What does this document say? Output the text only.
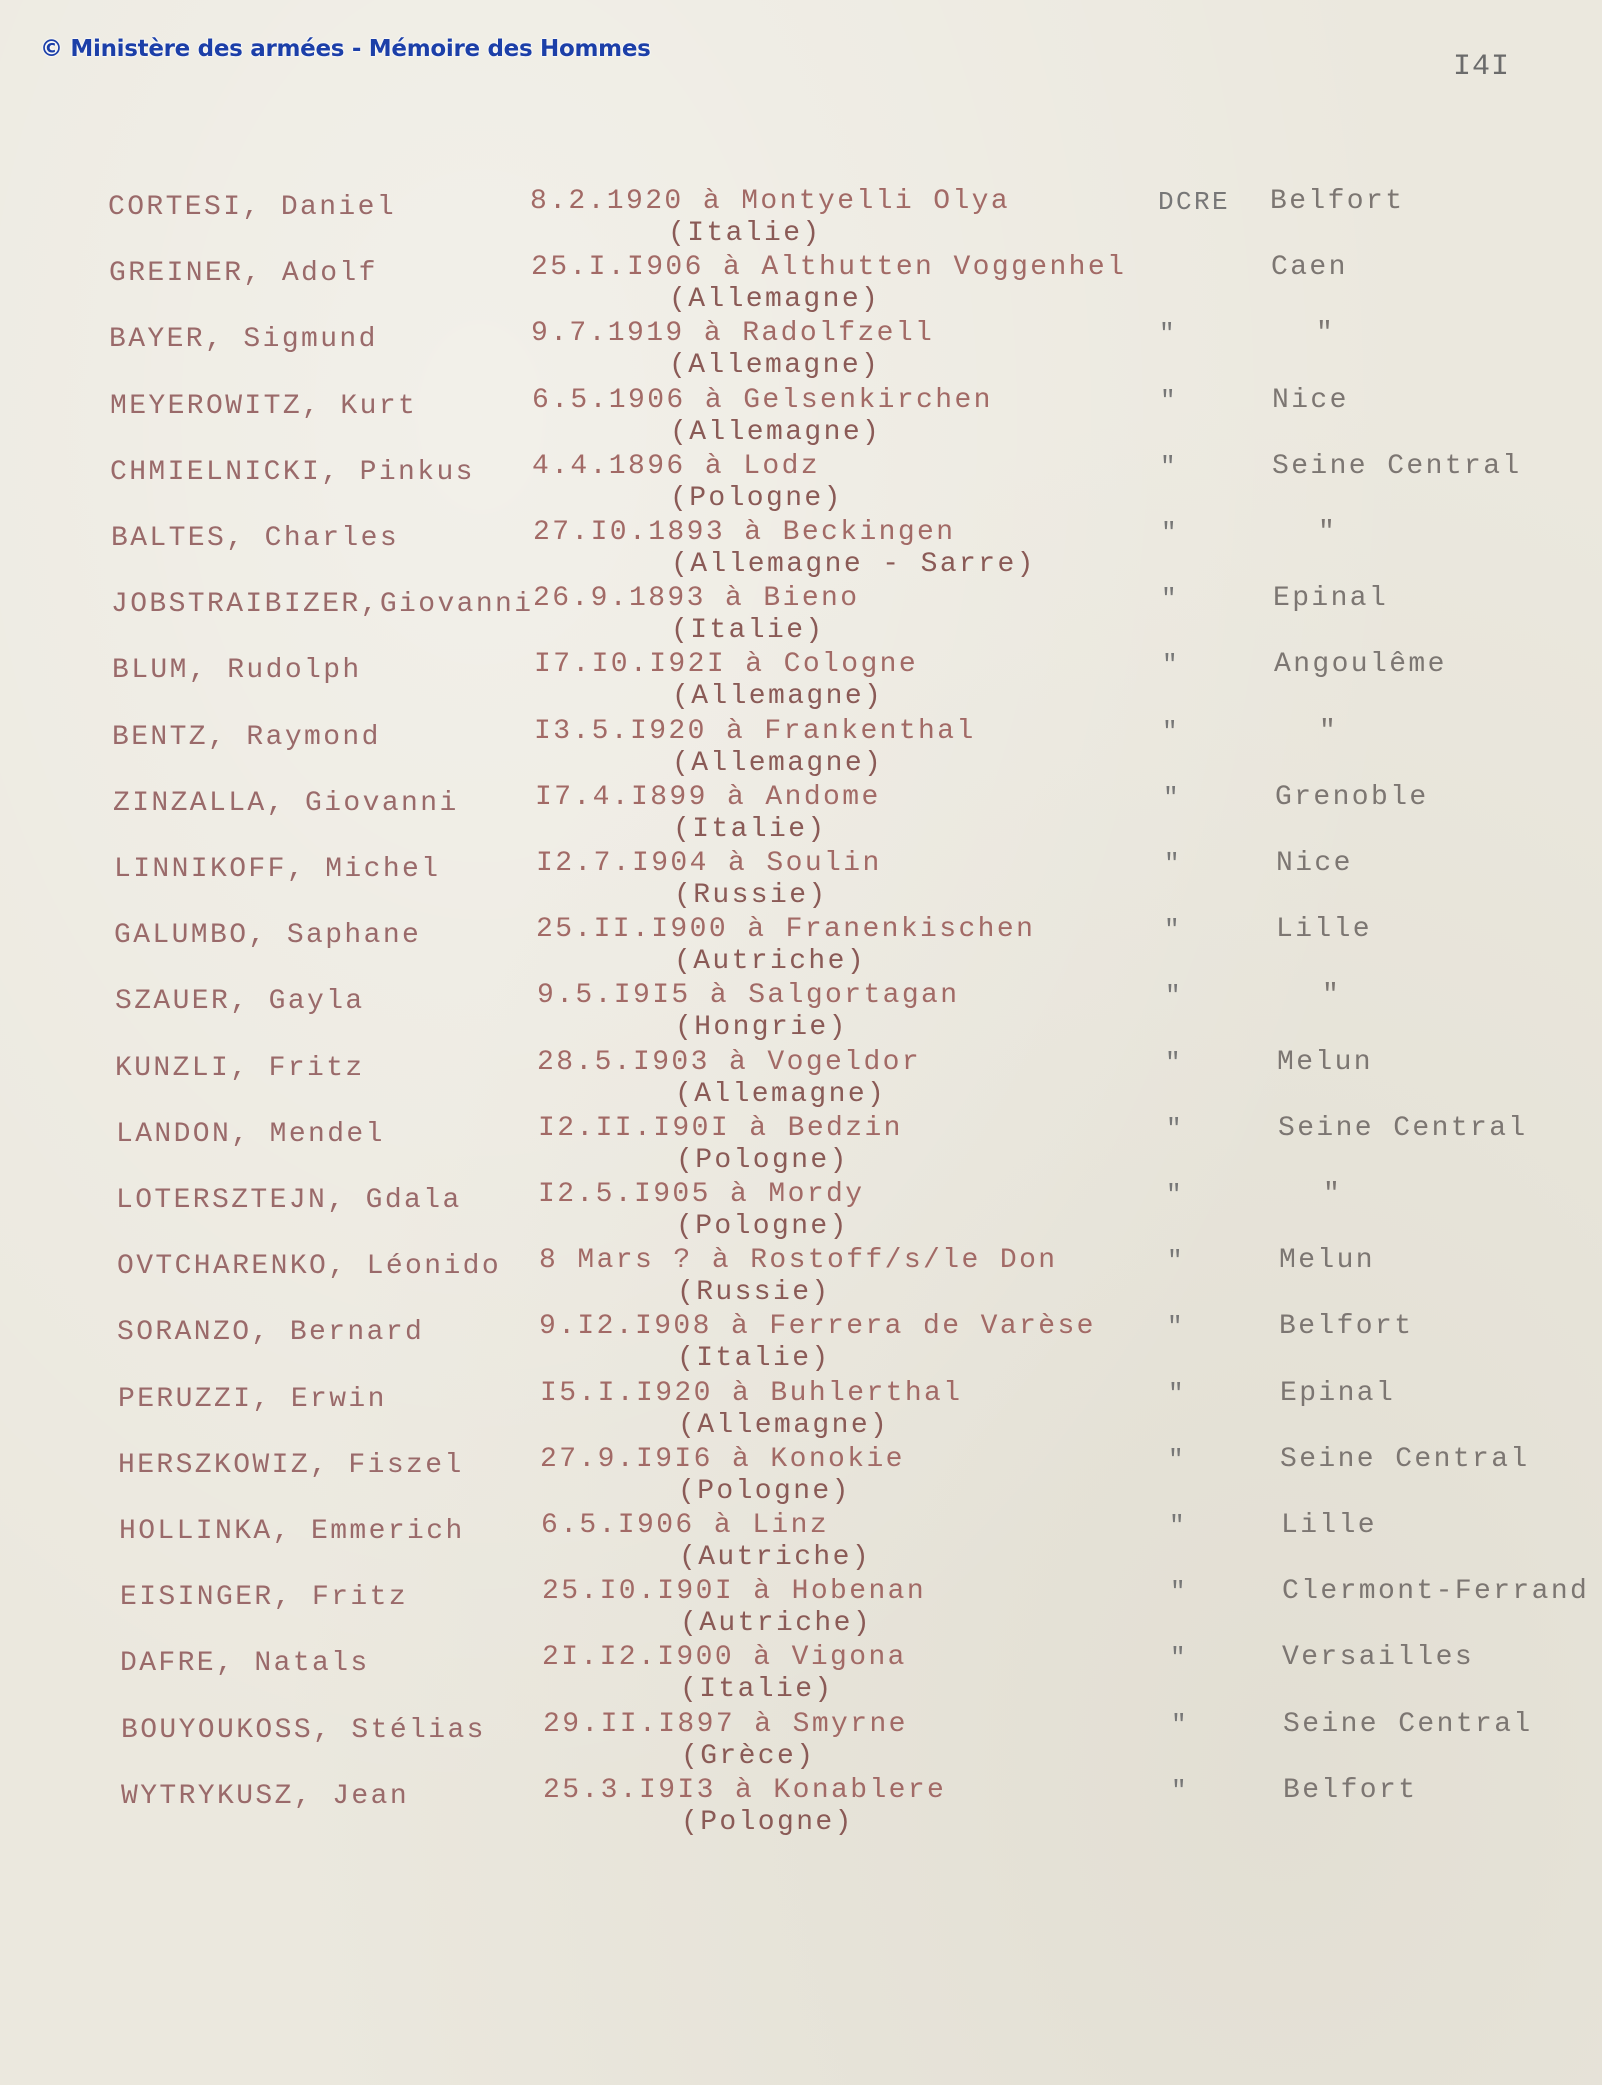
© Ministère des armées - Mémoire des Hommes
I4I
CORTESI, Daniel	8.2.1920 à Montyelli Olya
(Italie)
DCRE Belfort
GREINER, Adolf	25.I.I906 à Althutten Voggenhel
(Allemagne)
Caen
BAYER, Sigmund	9.7.1919 à Radolfzell
(Allemagne)
"	"
MEYEROWITZ, Kurt	6.5.1906 à Gelsenkirchen
(Allemagne)
"	Nice
CHMIELNICKI, Pinkus 4.4.1896 à Lodz
(Pologne)
"	Seine Central
BALTES, Charles	27.I0.1893 à Beckingen
(Allemagne - Sarre)
"	"
JOBSTRAIBIZER,Giovanni 26.9.1893 à Bieno
(Italie)
"	Epinal
BLUM, Rudolph	I7.I0.I92I à Cologne
(Allemagne)
"	Angoulême
BENTZ, Raymond	I3.5.I920 à Frankenthal
(Allemagne)
"	"
ZINZALLA, Giovanni	I7.4.I899 à Andome
(Italie)
"	Grenoble
LINNIKOFF, Michel	I2.7.I904 à Soulin
(Russie)
"	Nice
GALUMBO, Saphane	25.II.I900 à Franenkischen
(Autriche)
"	Lille
SZAUER, Gayla	9.5.I9I5 à Salgortagan
(Hongrie)
"	"
KUNZLI, Fritz	28.5.I903 à Vogeldor
(Allemagne)
"	Melun
LANDON, Mendel	I2.II.I90I à Bedzin
(Pologne)
"	Seine Central
LOTERSZTEJN, Gdala	I2.5.I905 à Mordy
(Pologne)
"	"
OVTCHARENKO, Léonido 8 Mars ? à Rostoff/s/le Don
(Russie)
"	Melun
SORANZO, Bernard	9.I2.I908 à Ferrera de Varèse
(Italie)
"	Belfort
PERUZZI, Erwin	I5.I.I920 à Buhlerthal
(Allemagne)
"	Epinal
HERSZKOWIZ, Fiszel	27.9.I9I6 à Konokie
(Pologne)
"	Seine Central
HOLLINKA, Emmerich	6.5.I906 à Linz
(Autriche)
"	Lille
EISINGER, Fritz	25.I0.I90I à Hobenan
(Autriche)
"	Clermont-Ferrand
DAFRE, Natals	2I.I2.I900 à Vigona
(Italie)
"	Versailles
BOUYOUKOSS, Stélias 29.II.I897 à Smyrne
(Grèce)
"	Seine Central
WYTRYKUSZ, Jean	25.3.I9I3 à Konablere
(Pologne)
"	Belfort
